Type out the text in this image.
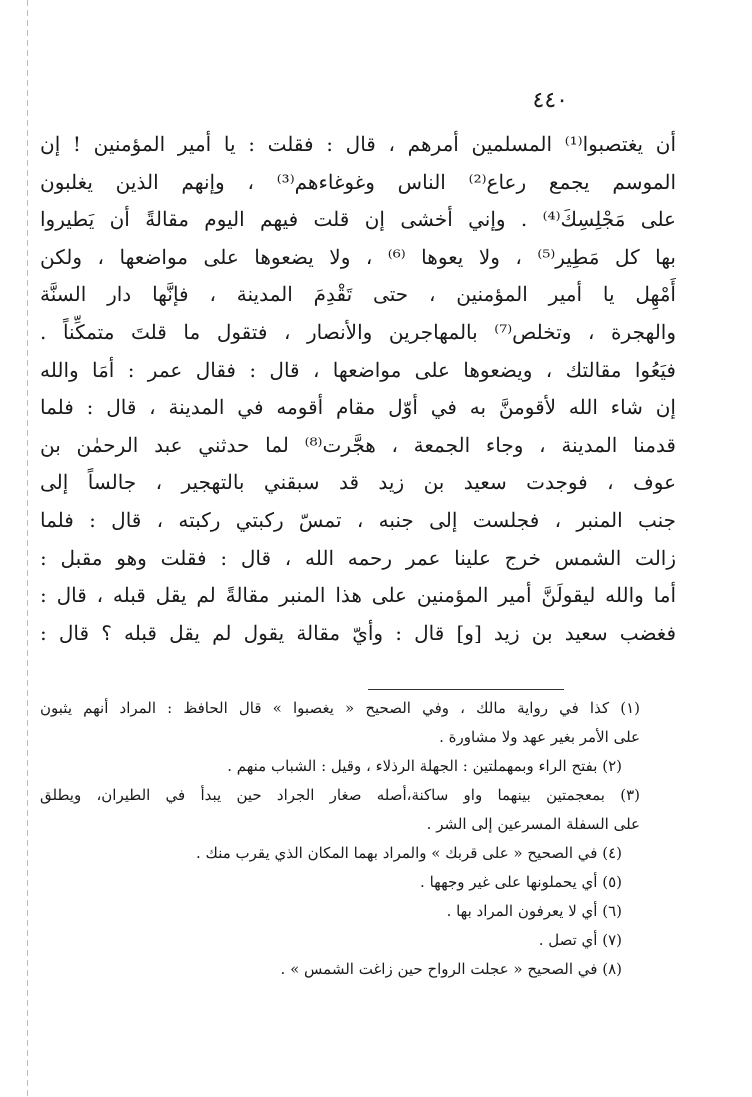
٤٤٠
أن يغتصبوا⁽¹⁾ المسلمين أمرهم ، قال : فقلت : يا أمير المؤمنين ! إن
الموسم يجمع رعاع⁽²⁾ الناس وغوغاءهم⁽³⁾ ، وإنهم الذين يغلبون
على مَجْلِسِكَ⁽⁴⁾ . وإني أخشى إن قلت فيهم اليوم مقالةً أن يَطيروا
بها كل مَطِير⁽⁵⁾ ، ولا يعوها ⁽⁶⁾ ، ولا يضعوها على مواضعها ، ولكن
أَمْهِل يا أمير المؤمنين ، حتى تَقْدِمَ المدينة ، فإنَّها دار السنَّة
والهجرة ، وتخلص⁽⁷⁾ بالمهاجرين والأنصار ، فتقول ما قلتَ متمكِّناً .
فيَعُوا مقالتك ، ويضعوها على مواضعها ، قال : فقال عمر : أمَا والله
إن شاء الله لأقومنَّ به في أوّل مقام أقومه في المدينة ، قال : فلما
قدمنا المدينة ، وجاء الجمعة ، هجَّرت⁽⁸⁾ لما حدثني عبد الرحمٰن بن
عوف ، فوجدت سعيد بن زيد قد سبقني بالتهجير ، جالساً إلى
جنب المنبر ، فجلست إلى جنبه ، تمسّ ركبتي ركبته ، قال : فلما
زالت الشمس خرج علينا عمر رحمه الله ، قال : فقلت وهو مقبل :
أما والله ليقولَنَّ أمير المؤمنين على هذا المنبر مقالةً لم يقل قبله ، قال :
فغضب سعيد بن زيد [و] قال : وأيّ مقالة يقول لم يقل قبله ؟ قال :
(١) كذا في رواية مالك ، وفي الصحيح « يغصبوا » قال الحافظ : المراد أنهم يثبون
على الأمر بغير عهد ولا مشاورة .
(٢) بفتح الراء وبمهملتين : الجهلة الرذلاء ، وقيل : الشباب منهم .
(٣) بمعجمتين بينهما واو ساكنة،أصله صغار الجراد حين يبدأ في الطيران، ويطلق
على السفلة المسرعين إلى الشر .
(٤) في الصحيح « على قربك » والمراد بهما المكان الذي يقرب منك .
(٥) أي يحملونها على غير وجهها .
(٦) أي لا يعرفون المراد بها .
(٧) أي تصل .
(٨) في الصحيح « عجلت الرواح حين زاغت الشمس » .
